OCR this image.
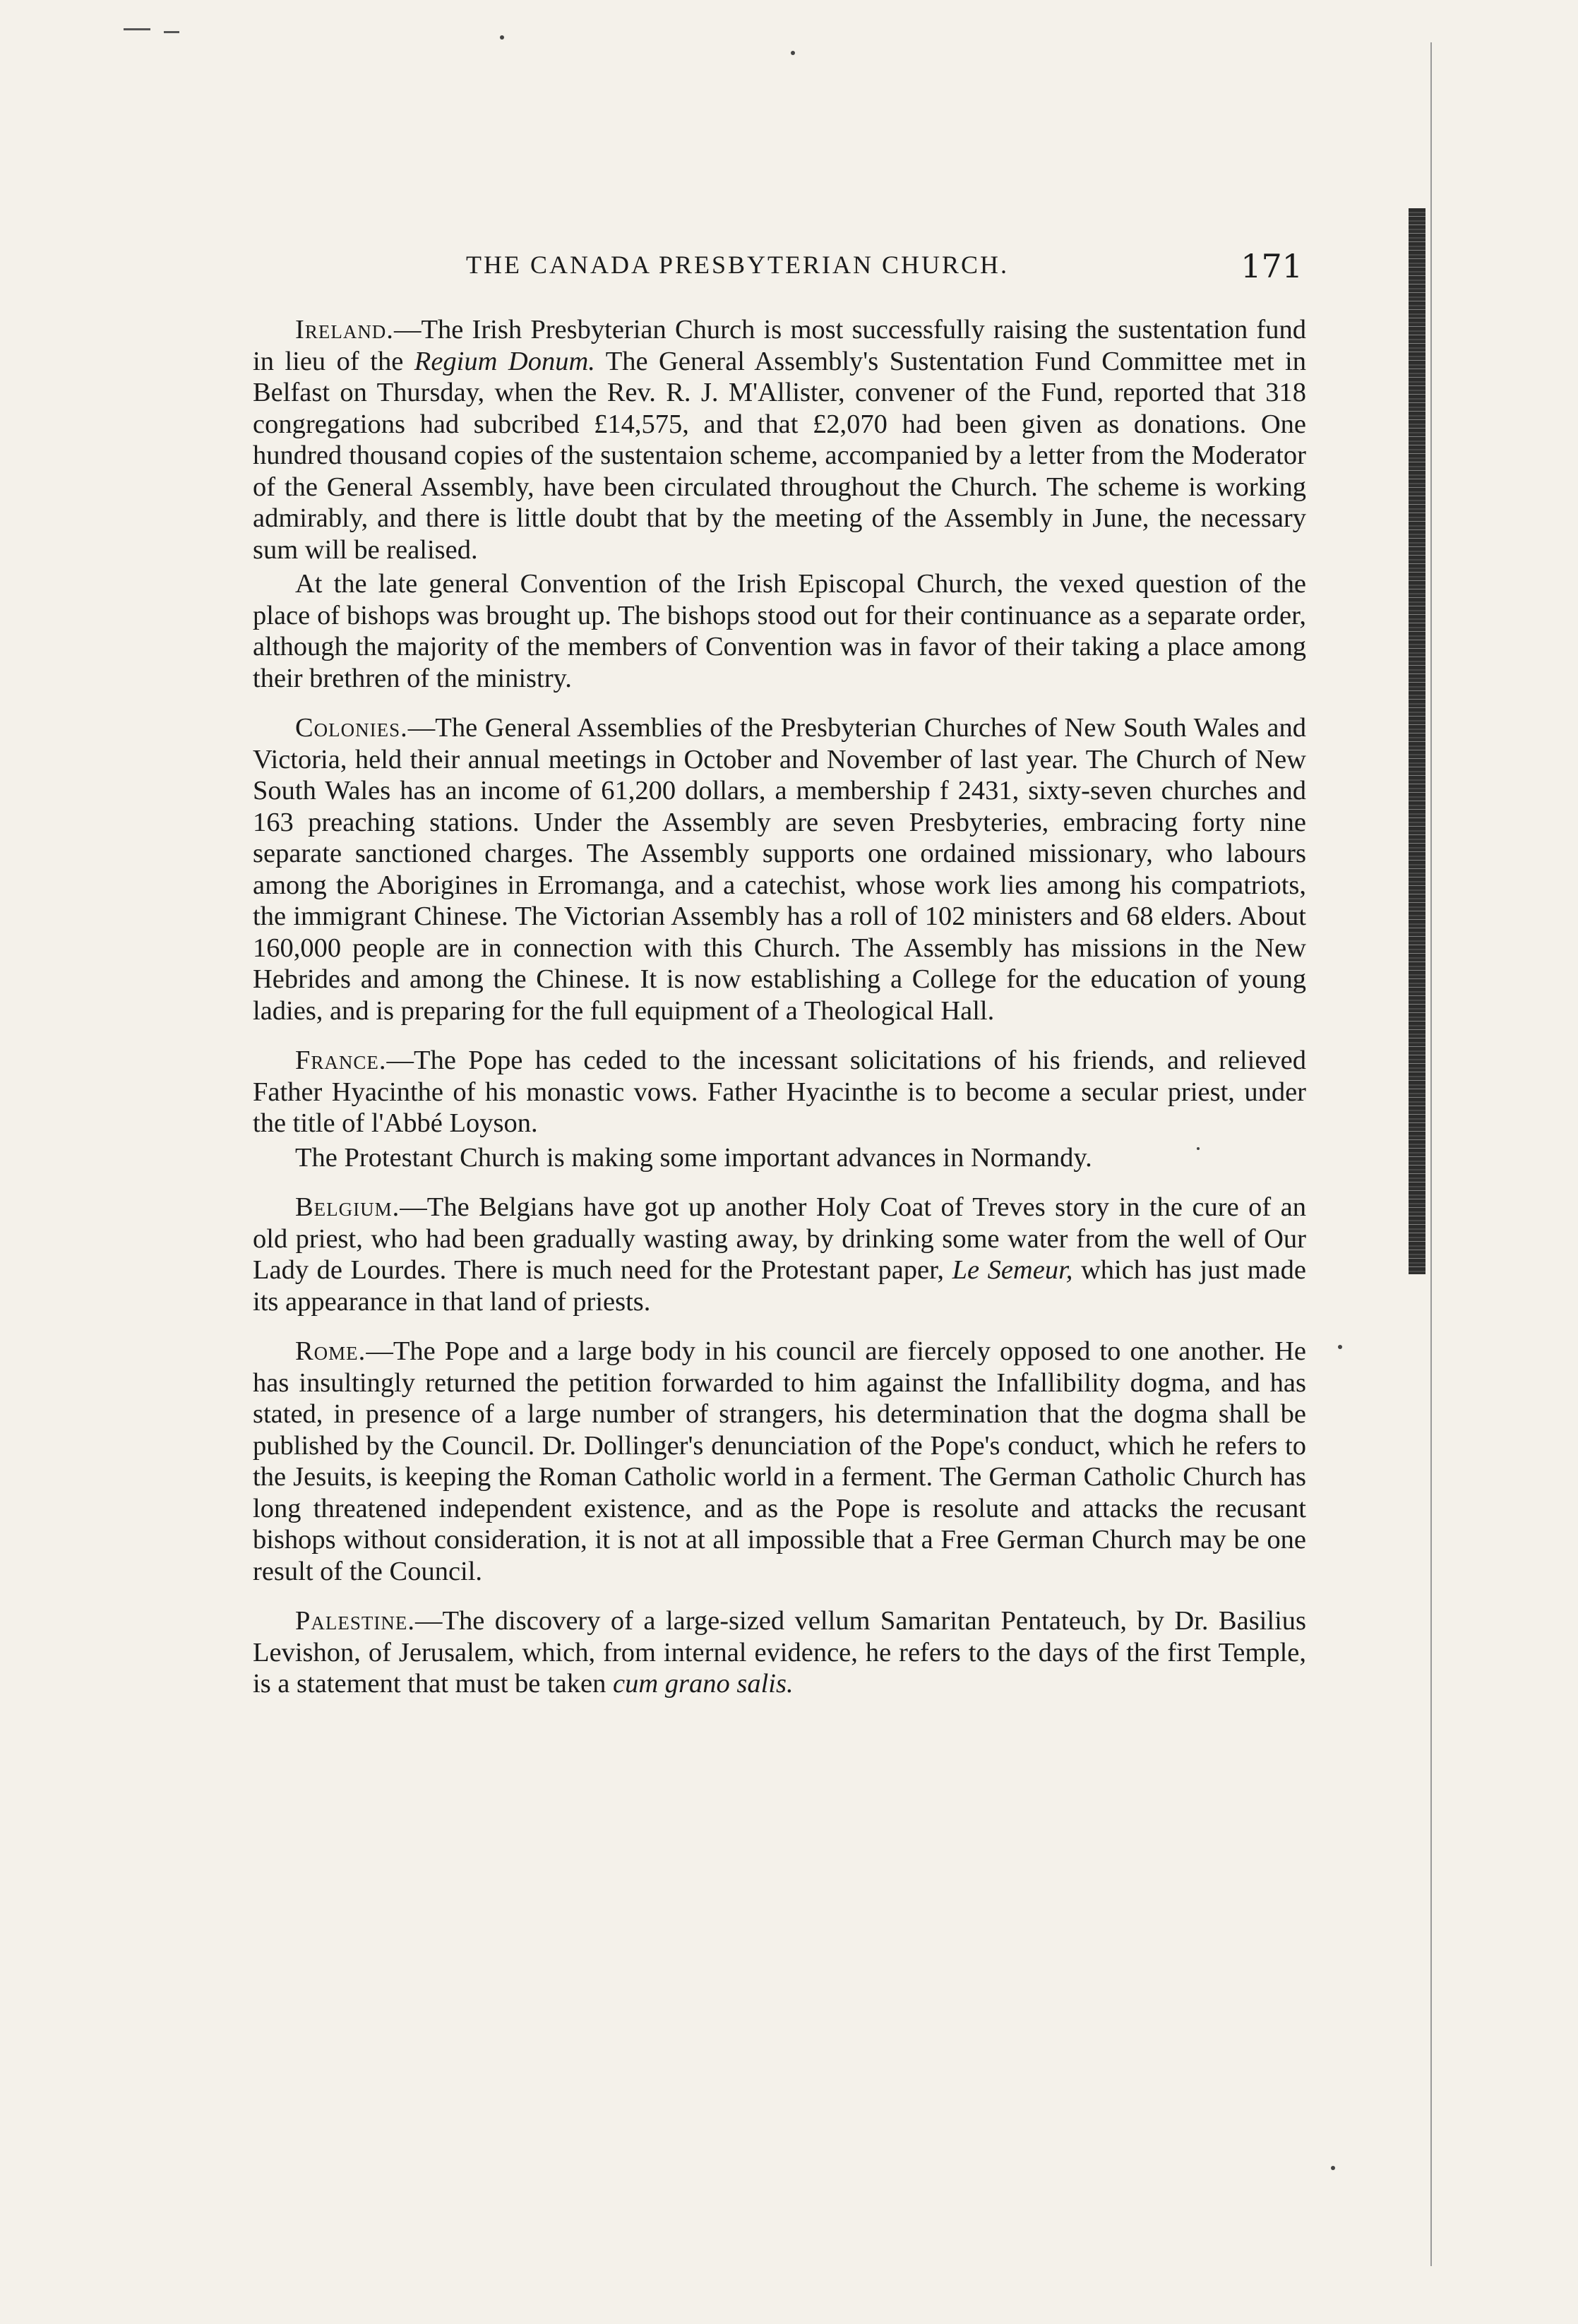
THE CANADA PRESBYTERIAN CHURCH.	171

Ireland.—The Irish Presbyterian Church is most successfully raising the sustentation fund in lieu of the Regium Donum. The General Assembly's Sustentation Fund Committee met in Belfast on Thursday, when the Rev. R. J. M'Allister, convener of the Fund, reported that 318 congregations had subcribed £14,575, and that £2,070 had been given as donations. One hundred thousand copies of the sustentaion scheme, accompanied by a letter from the Moderator of the General Assembly, have been circulated throughout the Church. The scheme is working admirably, and there is little doubt that by the meeting of the Assembly in June, the necessary sum will be realised.

At the late general Convention of the Irish Episcopal Church, the vexed question of the place of bishops was brought up. The bishops stood out for their continuance as a separate order, although the majority of the members of Convention was in favor of their taking a place among their brethren of the ministry.

Colonies.—The General Assemblies of the Presbyterian Churches of New South Wales and Victoria, held their annual meetings in October and November of last year. The Church of New South Wales has an income of 61,200 dollars, a membership f 2431, sixty-seven churches and 163 preaching stations. Under the Assembly are seven Presbyteries, embracing forty nine separate sanctioned charges. The Assembly supports one ordained missionary, who labours among the Aborigines in Erromanga, and a catechist, whose work lies among his compatriots, the immigrant Chinese. The Victorian Assembly has a roll of 102 ministers and 68 elders. About 160,000 people are in connection with this Church. The Assembly has missions in the New Hebrides and among the Chinese. It is now establishing a College for the education of young ladies, and is preparing for the full equipment of a Theological Hall.

France.—The Pope has ceded to the incessant solicitations of his friends, and relieved Father Hyacinthe of his monastic vows. Father Hyacinthe is to become a secular priest, under the title of l'Abbé Loyson.

The Protestant Church is making some important advances in Normandy.

Belgium.—The Belgians have got up another Holy Coat of Treves story in the cure of an old priest, who had been gradually wasting away, by drinking some water from the well of Our Lady de Lourdes. There is much need for the Protestant paper, Le Semeur, which has just made its appearance in that land of priests.

Rome.—The Pope and a large body in his council are fiercely opposed to one another. He has insultingly returned the petition forwarded to him against the Infallibility dogma, and has stated, in presence of a large number of strangers, his determination that the dogma shall be published by the Council. Dr. Dollinger's denunciation of the Pope's conduct, which he refers to the Jesuits, is keeping the Roman Catholic world in a ferment. The German Catholic Church has long threatened independent existence, and as the Pope is resolute and attacks the recusant bishops without consideration, it is not at all impossible that a Free German Church may be one result of the Council.

Palestine.—The discovery of a large-sized vellum Samaritan Pentateuch, by Dr. Basilius Levishon, of Jerusalem, which, from internal evidence, he refers to the days of the first Temple, is a statement that must be taken cum grano salis.
